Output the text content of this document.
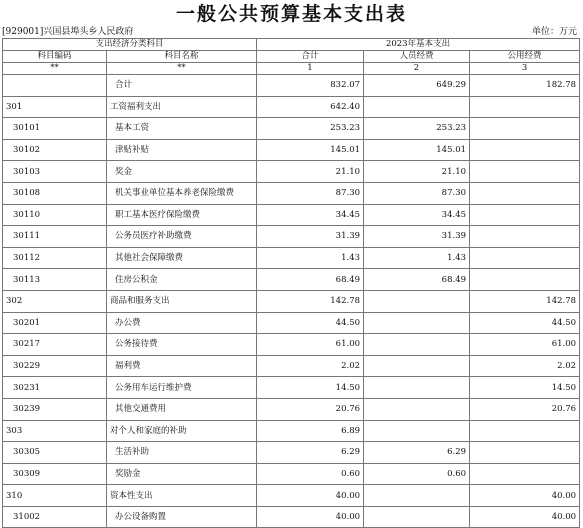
一般公共预算基本支出表
[929001]兴国县埠头乡人民政府	单位：万元
支出经济分类科目		2023年基本支出		
科目编码	科目名称	合计	人员经费	公用经费
**	**	1	2	3
	合计	832.07	649.29	182.78
301	工资福利支出	642.40		
30101	基本工资	253.23	253.23	
30102	津贴补贴	145.01	145.01	
30103	奖金	21.10	21.10	
30108	机关事业单位基本养老保险缴费	87.30	87.30	
30110	职工基本医疗保险缴费	34.45	34.45	
30111	公务员医疗补助缴费	31.39	31.39	
30112	其他社会保障缴费	1.43	1.43	
30113	住房公积金	68.49	68.49	
302	商品和服务支出	142.78		142.78
30201	办公费	44.50		44.50
30217	公务接待费	61.00		61.00
30229	福利费	2.02		2.02
30231	公务用车运行维护费	14.50		14.50
30239	其他交通费用	20.76		20.76
303	对个人和家庭的补助	6.89		
30305	生活补助	6.29	6.29	
30309	奖励金	0.60	0.60	
310	资本性支出	40.00		40.00
31002	办公设备购置	40.00		40.00
